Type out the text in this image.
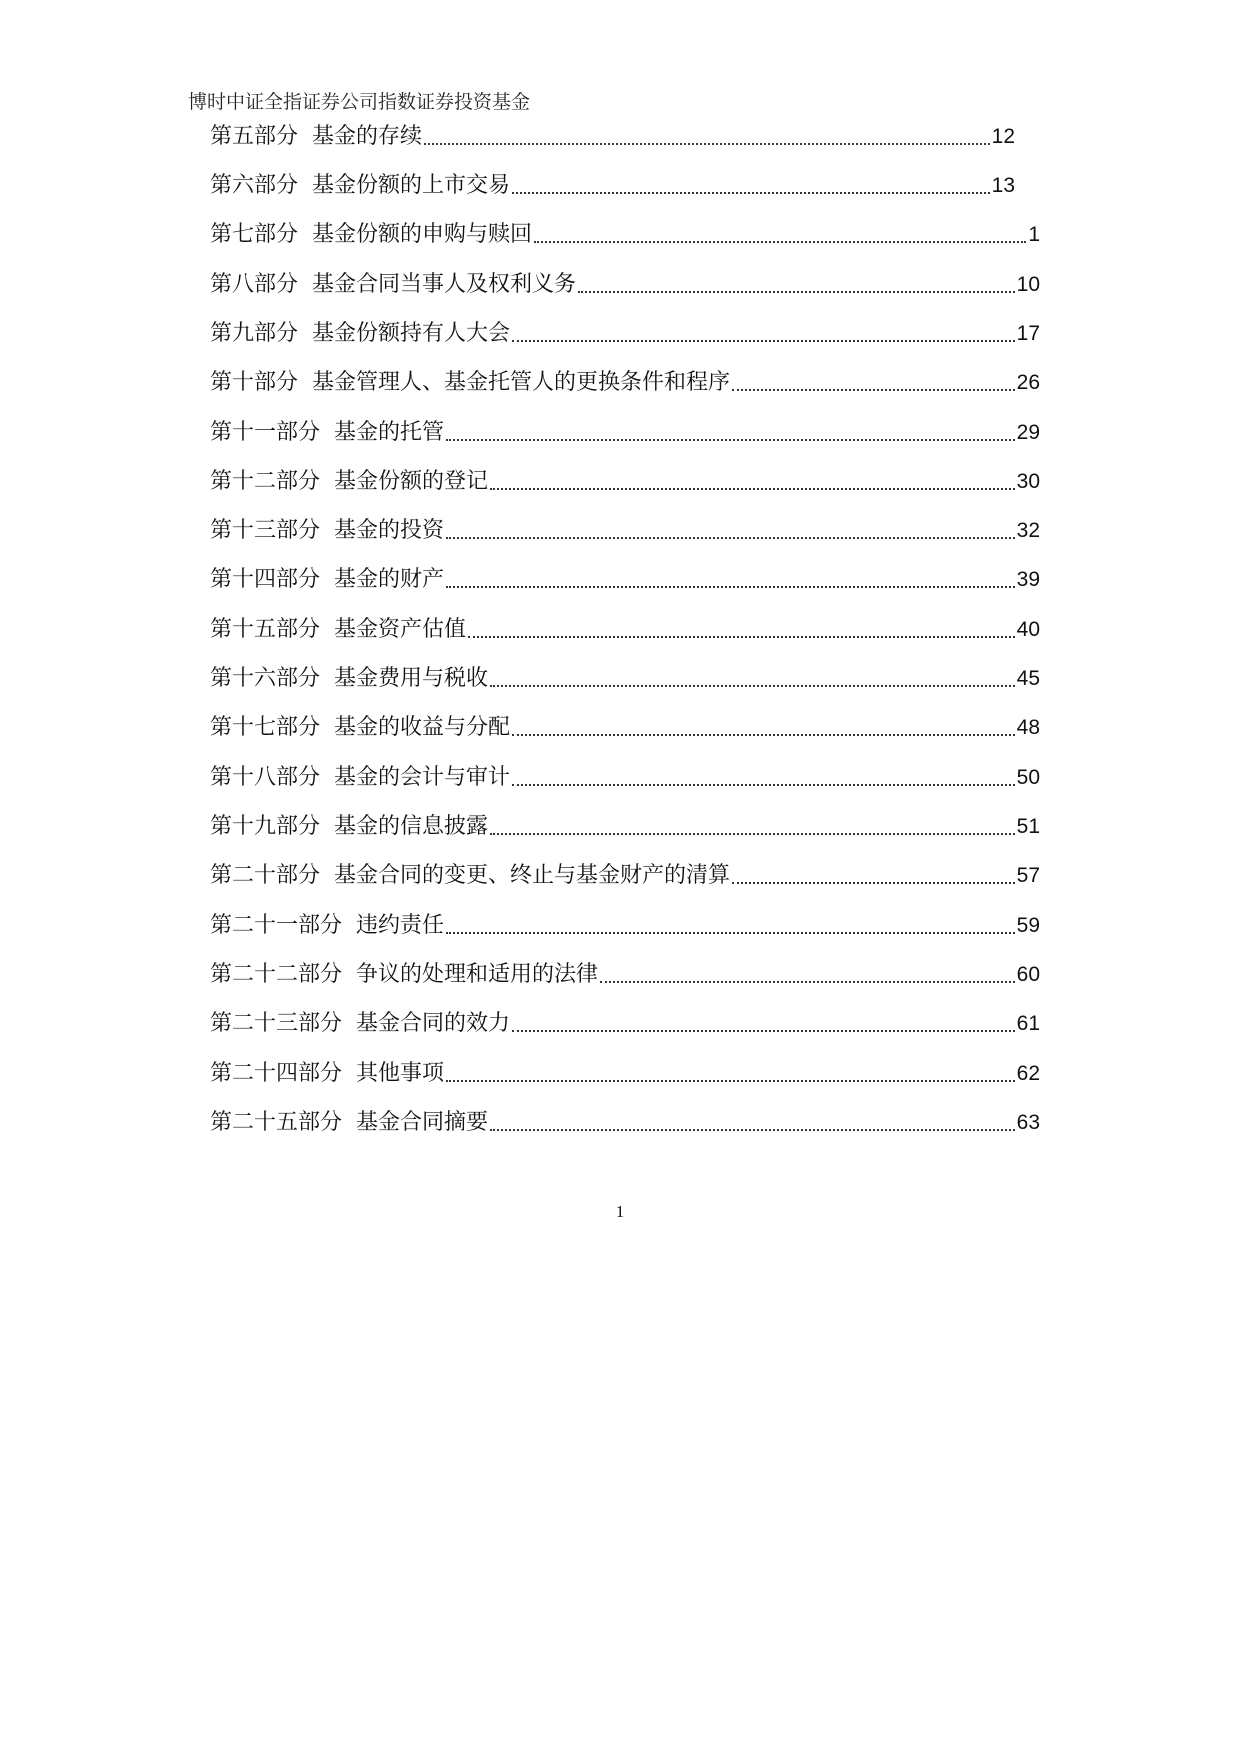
博时中证全指证券公司指数证券投资基金
第五部分 基金的存续	12
第六部分 基金份额的上市交易	13
第七部分 基金份额的申购与赎回	1
第八部分 基金合同当事人及权利义务	10
第九部分 基金份额持有人大会	17
第十部分 基金管理人、基金托管人的更换条件和程序	26
第十一部分 基金的托管	29
第十二部分 基金份额的登记	30
第十三部分 基金的投资	32
第十四部分 基金的财产	39
第十五部分 基金资产估值	40
第十六部分 基金费用与税收	45
第十七部分 基金的收益与分配	48
第十八部分 基金的会计与审计	50
第十九部分 基金的信息披露	51
第二十部分 基金合同的变更、终止与基金财产的清算	57
第二十一部分 违约责任	59
第二十二部分 争议的处理和适用的法律	60
第二十三部分 基金合同的效力	61
第二十四部分 其他事项	62
第二十五部分 基金合同摘要	63
1
